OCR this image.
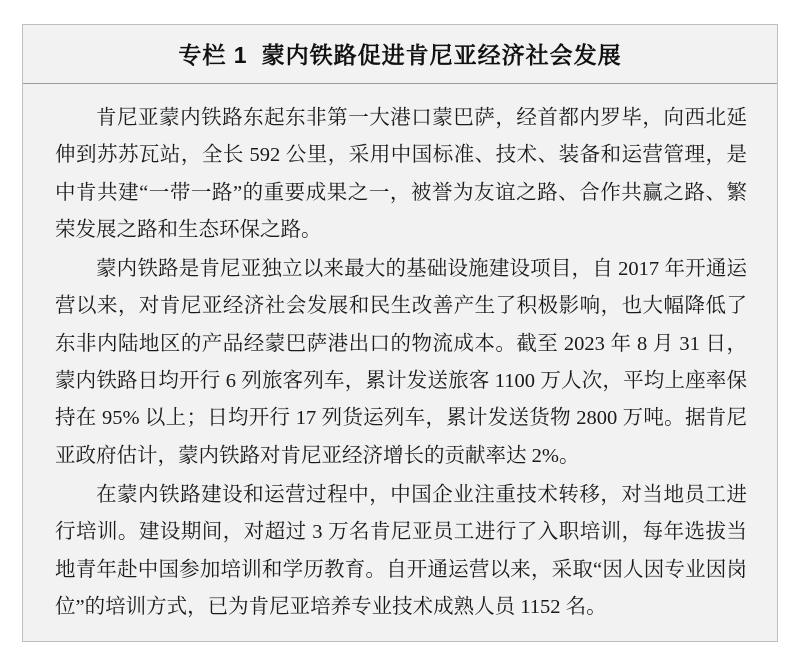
专栏 1 蒙内铁路促进肯尼亚经济社会发展

肯尼亚蒙内铁路东起东非第一大港口蒙巴萨，经首都内罗毕，向西北延伸到苏苏瓦站，全长 592 公里，采用中国标准、技术、装备和运营管理，是中肯共建“一带一路”的重要成果之一，被誉为友谊之路、合作共赢之路、繁荣发展之路和生态环保之路。

蒙内铁路是肯尼亚独立以来最大的基础设施建设项目，自 2017 年开通运营以来，对肯尼亚经济社会发展和民生改善产生了积极影响，也大幅降低了东非内陆地区的产品经蒙巴萨港出口的物流成本。截至 2023 年 8 月 31 日，蒙内铁路日均开行 6 列旅客列车，累计发送旅客 1100 万人次，平均上座率保持在 95% 以上；日均开行 17 列货运列车，累计发送货物 2800 万吨。据肯尼亚政府估计，蒙内铁路对肯尼亚经济增长的贡献率达 2%。

在蒙内铁路建设和运营过程中，中国企业注重技术转移，对当地员工进行培训。建设期间，对超过 3 万名肯尼亚员工进行了入职培训，每年选拔当地青年赴中国参加培训和学历教育。自开通运营以来，采取“因人因专业因岗位”的培训方式，已为肯尼亚培养专业技术成熟人员 1152 名。
